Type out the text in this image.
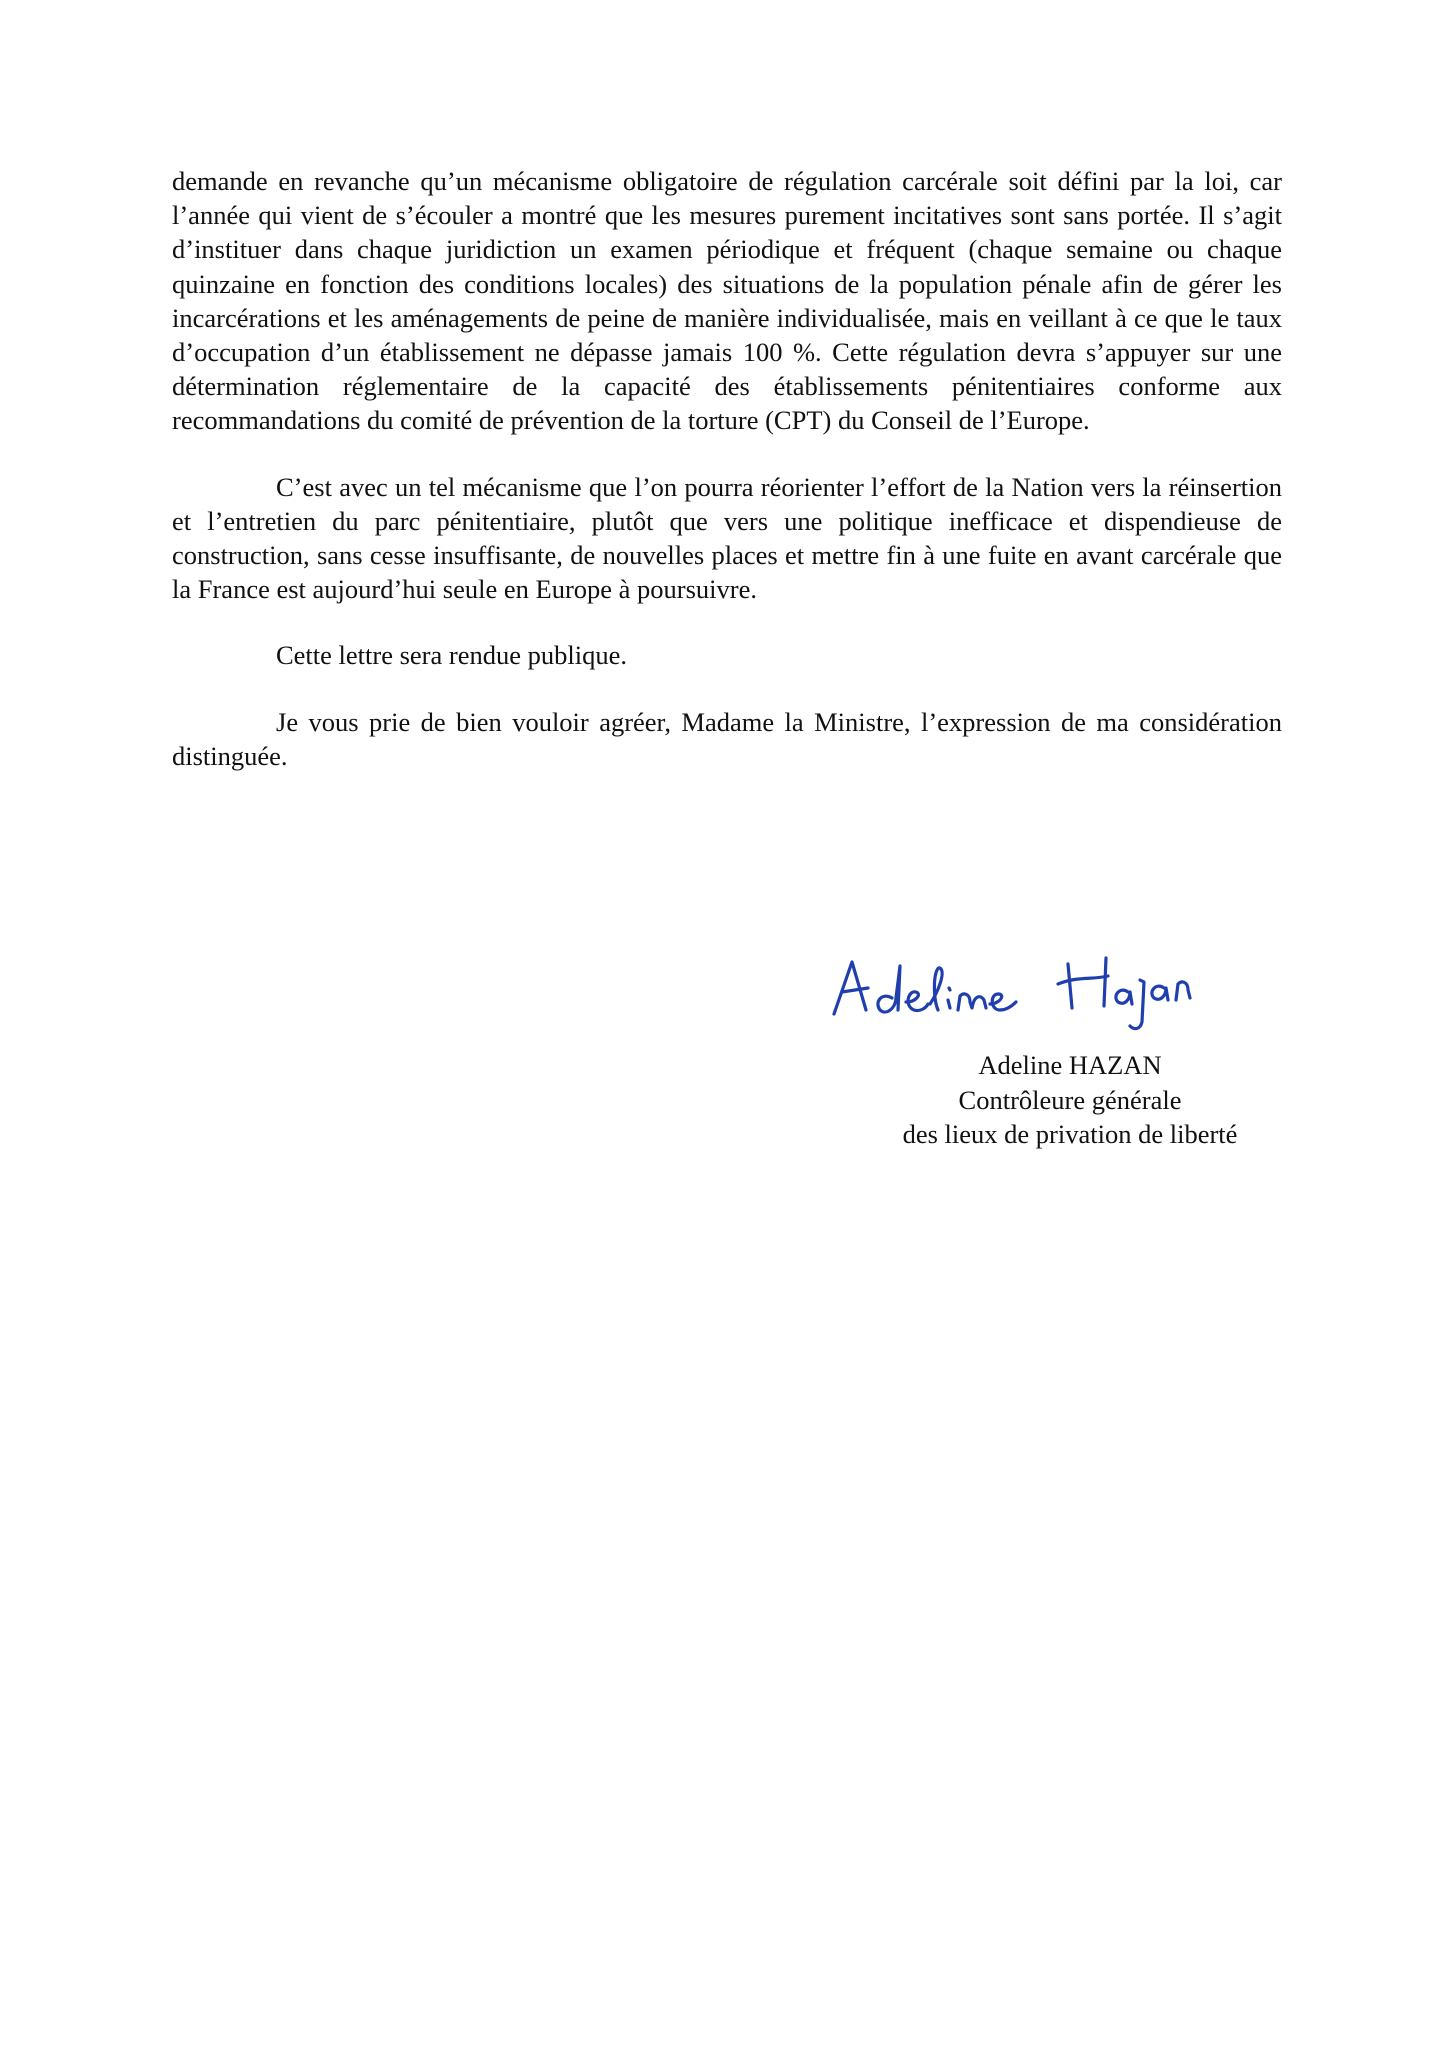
demande en revanche qu’un mécanisme obligatoire de régulation carcérale soit défini par la loi, car l’année qui vient de s’écouler a montré que les mesures purement incitatives sont sans portée. Il s’agit d’instituer dans chaque juridiction un examen périodique et fréquent (chaque semaine ou chaque quinzaine en fonction des conditions locales) des situations de la population pénale afin de gérer les incarcérations et les aménagements de peine de manière individualisée, mais en veillant à ce que le taux d’occupation d’un établissement ne dépasse jamais 100 %. Cette régulation devra s’appuyer sur une détermination réglementaire de la capacité des établissements pénitentiaires conforme aux recommandations du comité de prévention de la torture (CPT) du Conseil de l’Europe.

C’est avec un tel mécanisme que l’on pourra réorienter l’effort de la Nation vers la réinsertion et l’entretien du parc pénitentiaire, plutôt que vers une politique inefficace et dispendieuse de construction, sans cesse insuffisante, de nouvelles places et mettre fin à une fuite en avant carcérale que la France est aujourd’hui seule en Europe à poursuivre.

Cette lettre sera rendue publique.

Je vous prie de bien vouloir agréer, Madame la Ministre, l’expression de ma considération distinguée.

Adeline HAZAN
Contrôleure générale
des lieux de privation de liberté
